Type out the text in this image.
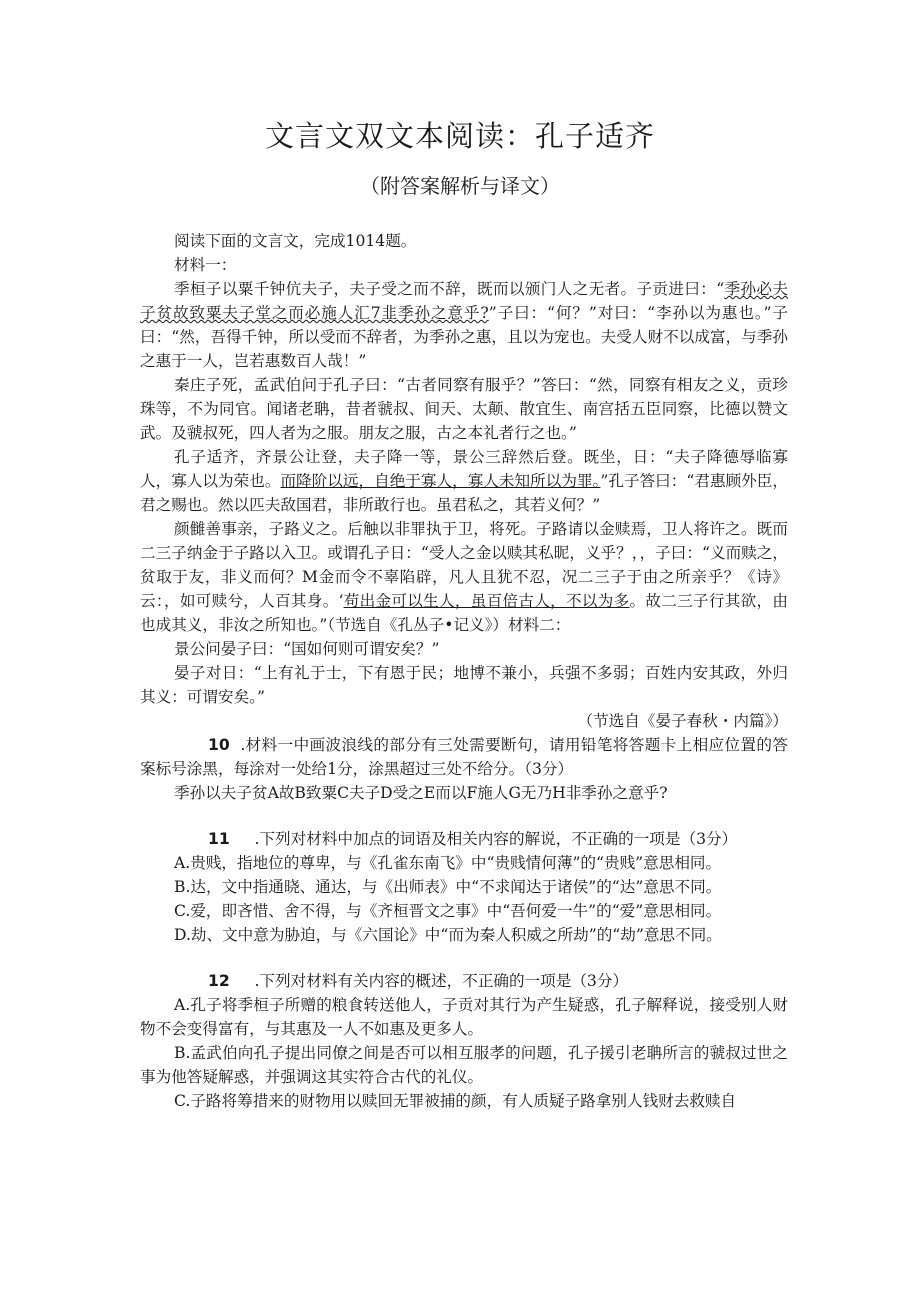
文言文双文本阅读：孔子适齐
（附答案解析与译文）

阅读下面的文言文，完成1014题。

材料一：

季桓子以粟千钟伉夫子，夫子受之而不辞，既而以颁门人之无者。子贡进曰：“季孙必夫子贫故致粟夫子堂之而必施人汇7韭季孙之意乎?”子曰：“何？”对曰：“李孙以为惠也。”子曰：“然，吾得千钟，所以受而不辞者，为季孙之惠，且以为宠也。夫受人财不以成富，与季孙之惠于一人，岂若惠数百人哉！”

秦庄子死，孟武伯问于孔子曰：“古者同察有服乎？”答曰：“然，同察有相友之义，贡珍珠等，不为同官。闻诸老聃，昔者虢叔、间天、太颠、散宜生、南宫括五臣同察，比德以赞文武。及虢叔死，四人者为之服。朋友之服，古之本礼者行之也。”

孔子适齐，齐景公让登，夫子降一等，景公三辞然后登。既坐，日：“夫子降德辱临寡人，寡人以为荣也。而降阶以远，自绝于寡人，寡人未知所以为罪。”孔子答曰：“君惠顾外臣，君之赐也。然以匹夫敌国君，非所敢行也。虽君私之，其若义何？”

颜雠善事亲，子路义之。后触以非罪执于卫，将死。子路请以金赎焉，卫人将许之。既而二三子纳金于子路以入卫。或谓孔子日：“受人之金以赎其私昵，义乎？，，子曰：“义而赎之，贫取于友，非义而何？M金而令不辜陷辟，凡人且犹不忍，况二三子于由之所亲乎？《诗》云：，如可赎兮，人百其身。‘苟出金可以生人，虽百倍古人，不以为多。故二三子行其欲，由也成其义，非汝之所知也。”（节选自《孔丛子•记义》）材料二：

景公问晏子曰：“国如何则可谓安矣？”

晏子对日：“上有礼于士，下有恩于民；地博不兼小，兵强不多弱；百姓内安其政，外归其义：可谓安矣。”

（节选自《晏子春秋・内篇》）

10 .材料一中画波浪线的部分有三处需要断句，请用铅笔将答题卡上相应位置的答案标号涂黑，每涂对一处给1分，涂黑超过三处不给分。（3分）

季孙以夫子贫A故B致粟C夫子D受之E而以F施人G无乃H非季孙之意乎?

11 .下列对材料中加点的词语及相关内容的解说，不正确的一项是（3分）

A.贵贱，指地位的尊卑，与《孔雀东南飞》中“贵贱情何薄”的“贵贱”意思相同。

B.达，文中指通晓、通达，与《出师表》中“不求闻达于诸侯”的“达”意思不同。

C.爱，即吝惜、舍不得，与《齐桓晋文之事》中“吾何爱一牛”的“爱”意思相同。

D.劫、文中意为胁迫，与《六国论》中“而为秦人积威之所劫”的“劫”意思不同。

12 .下列对材料有关内容的概述，不正确的一项是（3分）

A.孔子将季桓子所赠的粮食转送他人，子贡对其行为产生疑惑，孔子解释说，接受别人财物不会变得富有，与其惠及一人不如惠及更多人。

B.孟武伯向孔子提出同僚之间是否可以相互服孝的问题，孔子援引老聃所言的虢叔过世之事为他答疑解惑，并强调这其实符合古代的礼仪。

C.子路将筹措来的财物用以赎回无罪被捕的颜，有人质疑子路拿别人钱财去救赎自
